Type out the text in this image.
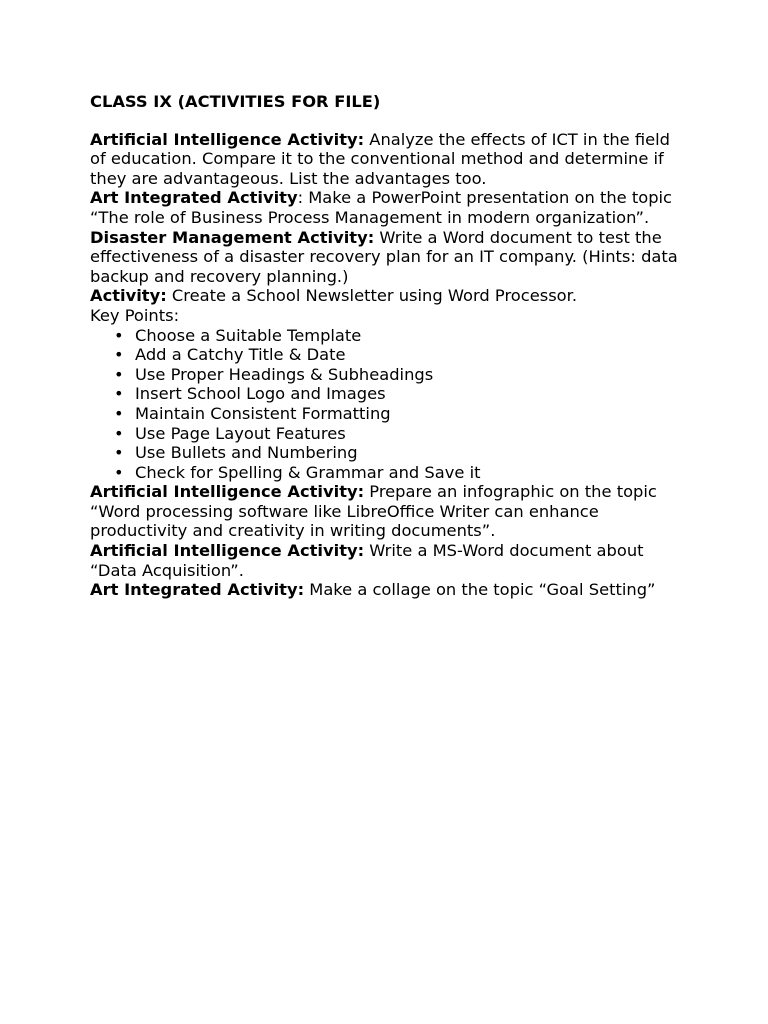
CLASS IX (ACTIVITIES FOR FILE)

Artificial Intelligence Activity: Analyze the effects of ICT in the field of education. Compare it to the conventional method and determine if they are advantageous. List the advantages too.

Art Integrated Activity: Make a PowerPoint presentation on the topic “The role of Business Process Management in modern organization”.

Disaster Management Activity: Write a Word document to test the effectiveness of a disaster recovery plan for an IT company. (Hints: data backup and recovery planning.)

Activity: Create a School Newsletter using Word Processor.

Key Points:

• Choose a Suitable Template
• Add a Catchy Title & Date
• Use Proper Headings & Subheadings
• Insert School Logo and Images
• Maintain Consistent Formatting
• Use Page Layout Features
• Use Bullets and Numbering
• Check for Spelling & Grammar and Save it

Artificial Intelligence Activity: Prepare an infographic on the topic “Word processing software like LibreOffice Writer can enhance productivity and creativity in writing documents”.

Artificial Intelligence Activity: Write a MS-Word document about “Data Acquisition”.

Art Integrated Activity: Make a collage on the topic “Goal Setting”
